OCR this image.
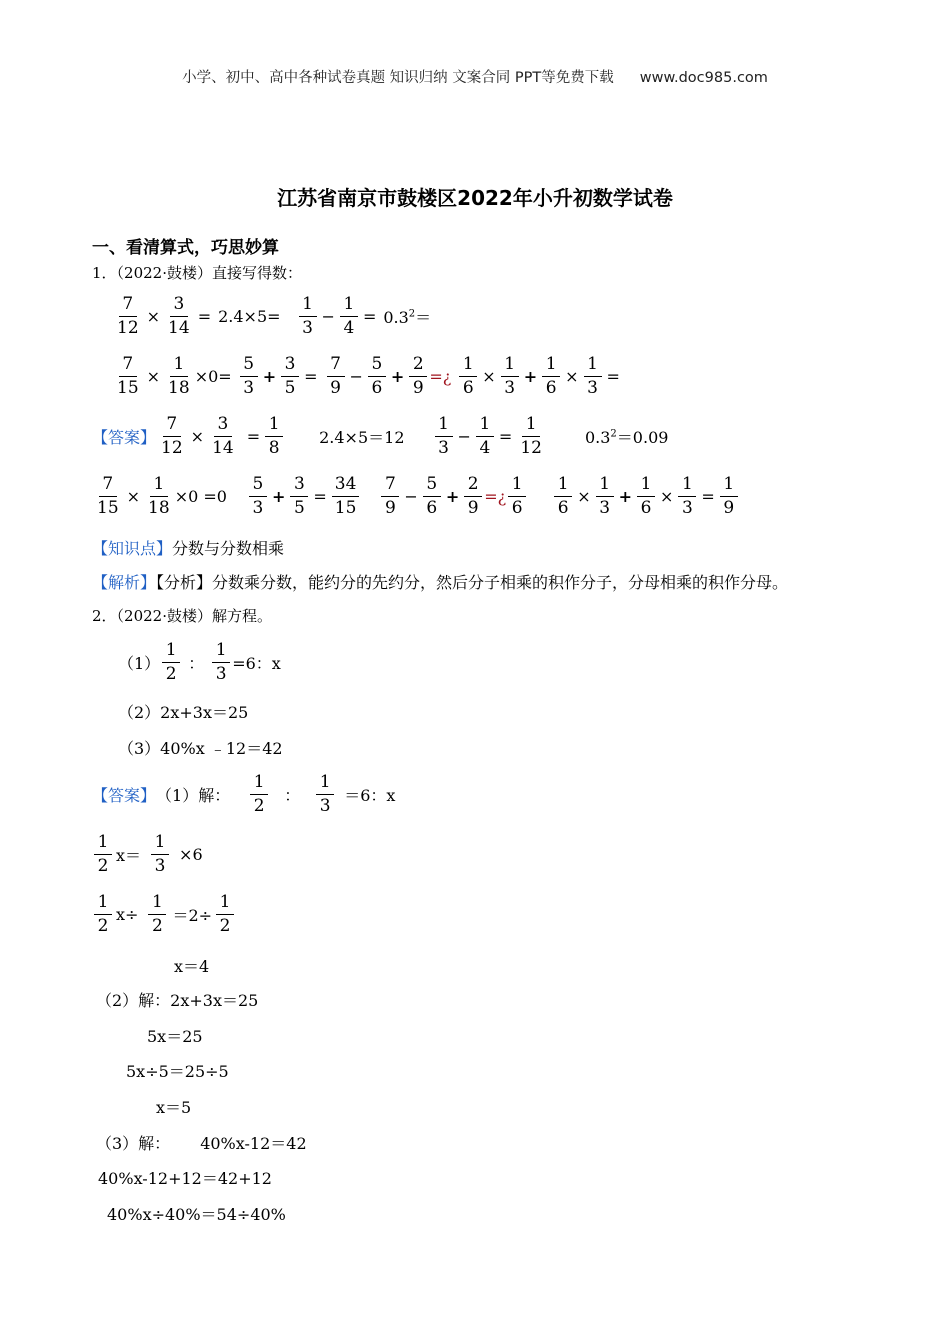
小学、初中、高中各种试卷真题 知识归纳 文案合同 PPT等免费下载 www.doc985.com
江苏省南京市鼓楼区2022年小升初数学试卷
一、看清算式，巧思妙算
1．（2022·鼓楼）直接写得数：
$\frac{7}{12} \times \frac{3}{14} = 2.4\times 5= \frac{1}{3} - \frac{1}{4} = 0.3^2=$
$\frac{7}{15} \times \frac{1}{18} \times 0= \frac{5}{3} + \frac{3}{5} = \frac{7}{9} - \frac{5}{6} + \frac{2}{9}$ =¿ $\frac{1}{6} \times \frac{1}{3} + \frac{1}{6} \times \frac{1}{3}$ =
【答案】 $\frac{7}{12} \times \frac{3}{14} = \frac{1}{8} 2.4\times 5=12 \frac{1}{3} - \frac{1}{4} = \frac{1}{12}$	$0.3^2=0.09$
$\frac{7}{15} \times \frac{1}{18} \times 0 =0 \frac{5}{3} + \frac{3}{5} = \frac{34}{15} \frac{7}{9} - \frac{5}{6} + \frac{2}{9}$ =¿ $\frac{1}{6} \frac{1}{6} \times \frac{1}{3} + \frac{1}{6} \times \frac{1}{3} = \frac{1}{9}$
【知识点】分数与分数相乘
【解析】【分析】分数乘分数，能约分的先约分，然后分子相乘的积作分子，分母相乘的积作分母。
2．（2022·鼓楼）解方程。
$(1) \frac{1}{2}$ ： $\frac{1}{3} =6$：x
（2）2x+3x＝25
（3）40%x ﹣12＝42
【答案】 （1）解： $\frac{1}{2}$ ： $\frac{1}{3} =6$：x
$\frac{1}{2} x= \frac{1}{3} \times 6$
$\frac{1}{2} x\div \frac{1}{2} =2\div \frac{1}{2}$
x＝4
（2）解：2x+3x＝25
5x＝25
5x÷5＝25÷5
x＝5
（3）解： 40%x-12＝42
40%x-12+12＝42+12
40%x÷40%＝54÷40%
